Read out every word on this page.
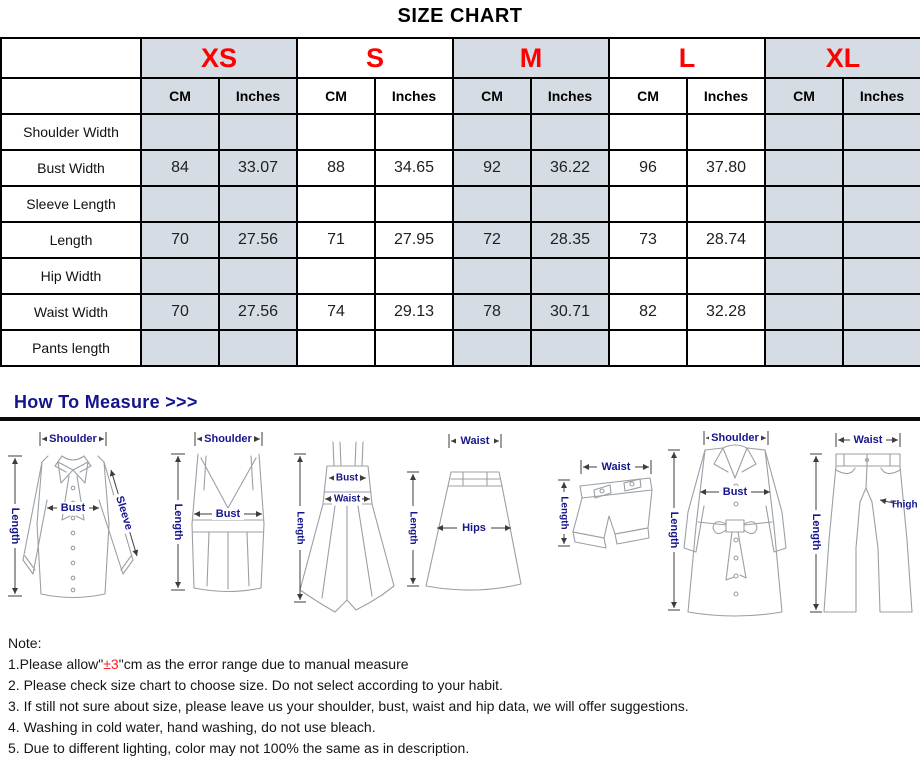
SIZE CHART
	XS		S		M		L		XL	
	CM	Inches	CM	Inches	CM	Inches	CM	Inches	CM	Inches
Shoulder Width										
Bust Width	84	33.07	88	34.65	92	36.22	96	37.80		
Sleeve Length										
Length	70	27.56	71	27.95	72	28.35	73	28.74		
Hip Width										
Waist Width	70	27.56	74	29.13	78	30.71	82	32.28		
Pants length										
How To Measure >>>
Shoulder
Bust	Sleeve
Length
Shoulder
Bust
Length
Bust
Waist
Length
Waist
Hips
Length
Waist
Length
Shoulder
Bust
Length
Waist
Thigh
Length
Note:
1.Please allow"±3"cm as the error range due to manual measure
2. Please check size chart to choose size. Do not select according to your habit.
3. If still not sure about size, please leave us your shoulder, bust, waist and hip data, we will offer suggestions.
4. Washing in cold water, hand washing, do not use bleach.
5. Due to different lighting, color may not 100% the same as in description.
